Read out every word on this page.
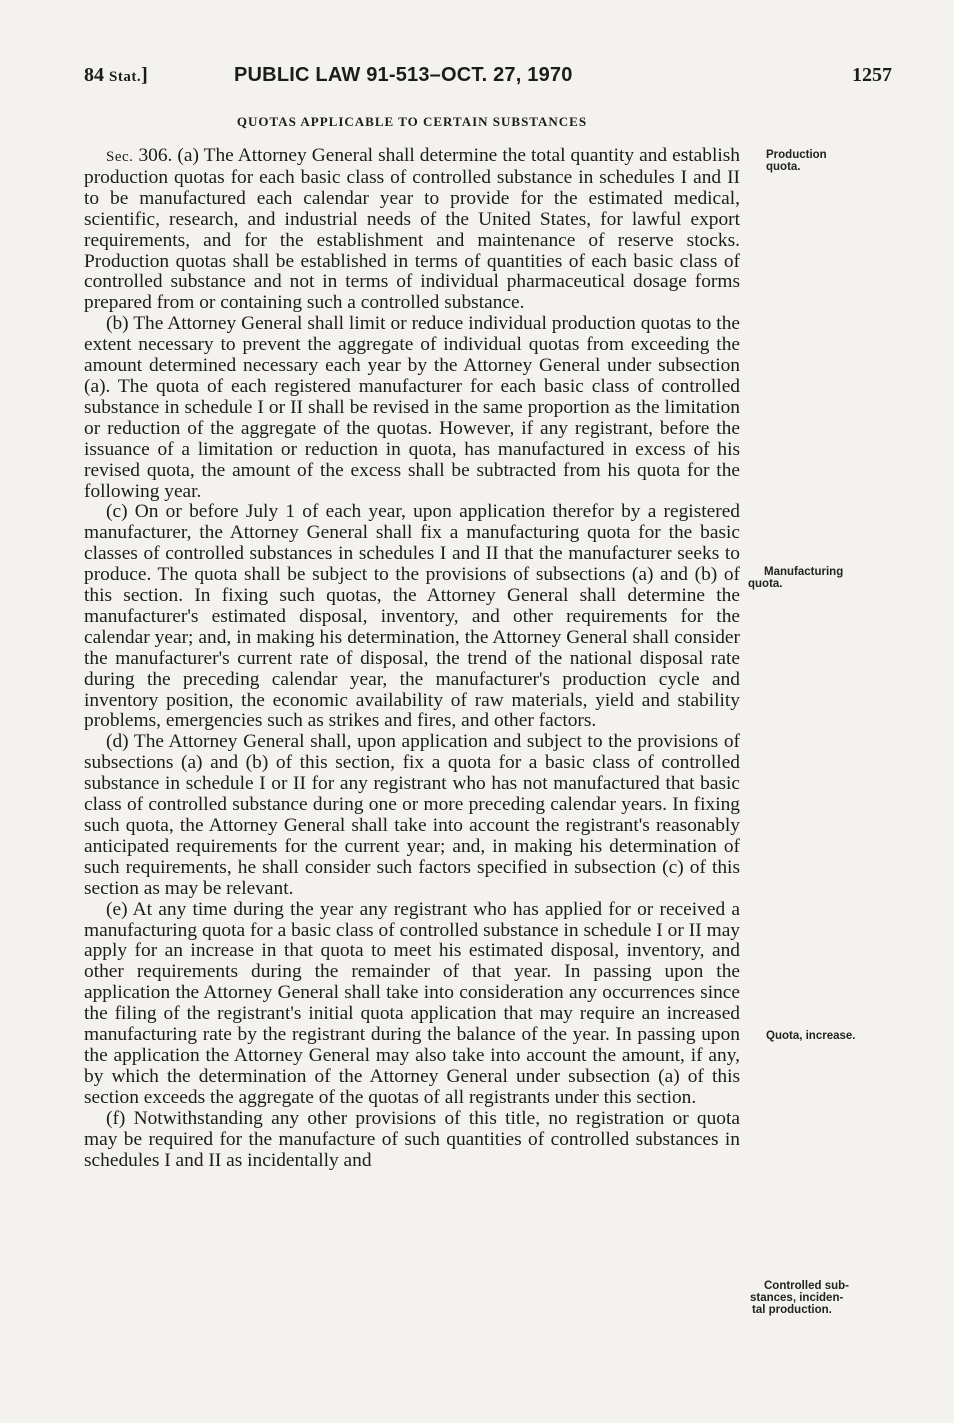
84 Stat.]	PUBLIC LAW 91-513–OCT. 27, 1970	1257
QUOTAS APPLICABLE TO CERTAIN SUBSTANCES

Sec. 306. (a) The Attorney General shall determine the total quantity and establish production quotas for each basic class of controlled substance in schedules I and II to be manufactured each calendar year to provide for the estimated medical, scientific, research, and industrial needs of the United States, for lawful export requirements, and for the establishment and maintenance of reserve stocks. Production quotas shall be established in terms of quantities of each basic class of controlled substance and not in terms of individual pharmaceutical dosage forms prepared from or containing such a controlled substance.

(b) The Attorney General shall limit or reduce individual production quotas to the extent necessary to prevent the aggregate of individual quotas from exceeding the amount determined necessary each year by the Attorney General under subsection (a). The quota of each registered manufacturer for each basic class of controlled substance in schedule I or II shall be revised in the same proportion as the limitation or reduction of the aggregate of the quotas. However, if any registrant, before the issuance of a limitation or reduction in quota, has manufactured in excess of his revised quota, the amount of the excess shall be subtracted from his quota for the following year.

(c) On or before July 1 of each year, upon application therefor by a registered manufacturer, the Attorney General shall fix a manufacturing quota for the basic classes of controlled substances in schedules I and II that the manufacturer seeks to produce. The quota shall be subject to the provisions of subsections (a) and (b) of this section. In fixing such quotas, the Attorney General shall determine the manufacturer's estimated disposal, inventory, and other requirements for the calendar year; and, in making his determination, the Attorney General shall consider the manufacturer's current rate of disposal, the trend of the national disposal rate during the preceding calendar year, the manufacturer's production cycle and inventory position, the economic availability of raw materials, yield and stability problems, emergencies such as strikes and fires, and other factors.

(d) The Attorney General shall, upon application and subject to the provisions of subsections (a) and (b) of this section, fix a quota for a basic class of controlled substance in schedule I or II for any registrant who has not manufactured that basic class of controlled substance during one or more preceding calendar years. In fixing such quota, the Attorney General shall take into account the registrant's reasonably anticipated requirements for the current year; and, in making his determination of such requirements, he shall consider such factors specified in subsection (c) of this section as may be relevant.

(e) At any time during the year any registrant who has applied for or received a manufacturing quota for a basic class of controlled substance in schedule I or II may apply for an increase in that quota to meet his estimated disposal, inventory, and other requirements during the remainder of that year. In passing upon the application the Attorney General shall take into consideration any occurrences since the filing of the registrant's initial quota application that may require an increased manufacturing rate by the registrant during the balance of the year. In passing upon the application the Attorney General may also take into account the amount, if any, by which the determination of the Attorney General under subsection (a) of this section exceeds the aggregate of the quotas of all registrants under this section.

(f) Notwithstanding any other provisions of this title, no registration or quota may be required for the manufacture of such quantities of controlled substances in schedules I and II as incidentally and

Production
quota.
Manufacturing
quota.
Quota, increase.
Controlled sub-
stances, inciden-
tal production.
